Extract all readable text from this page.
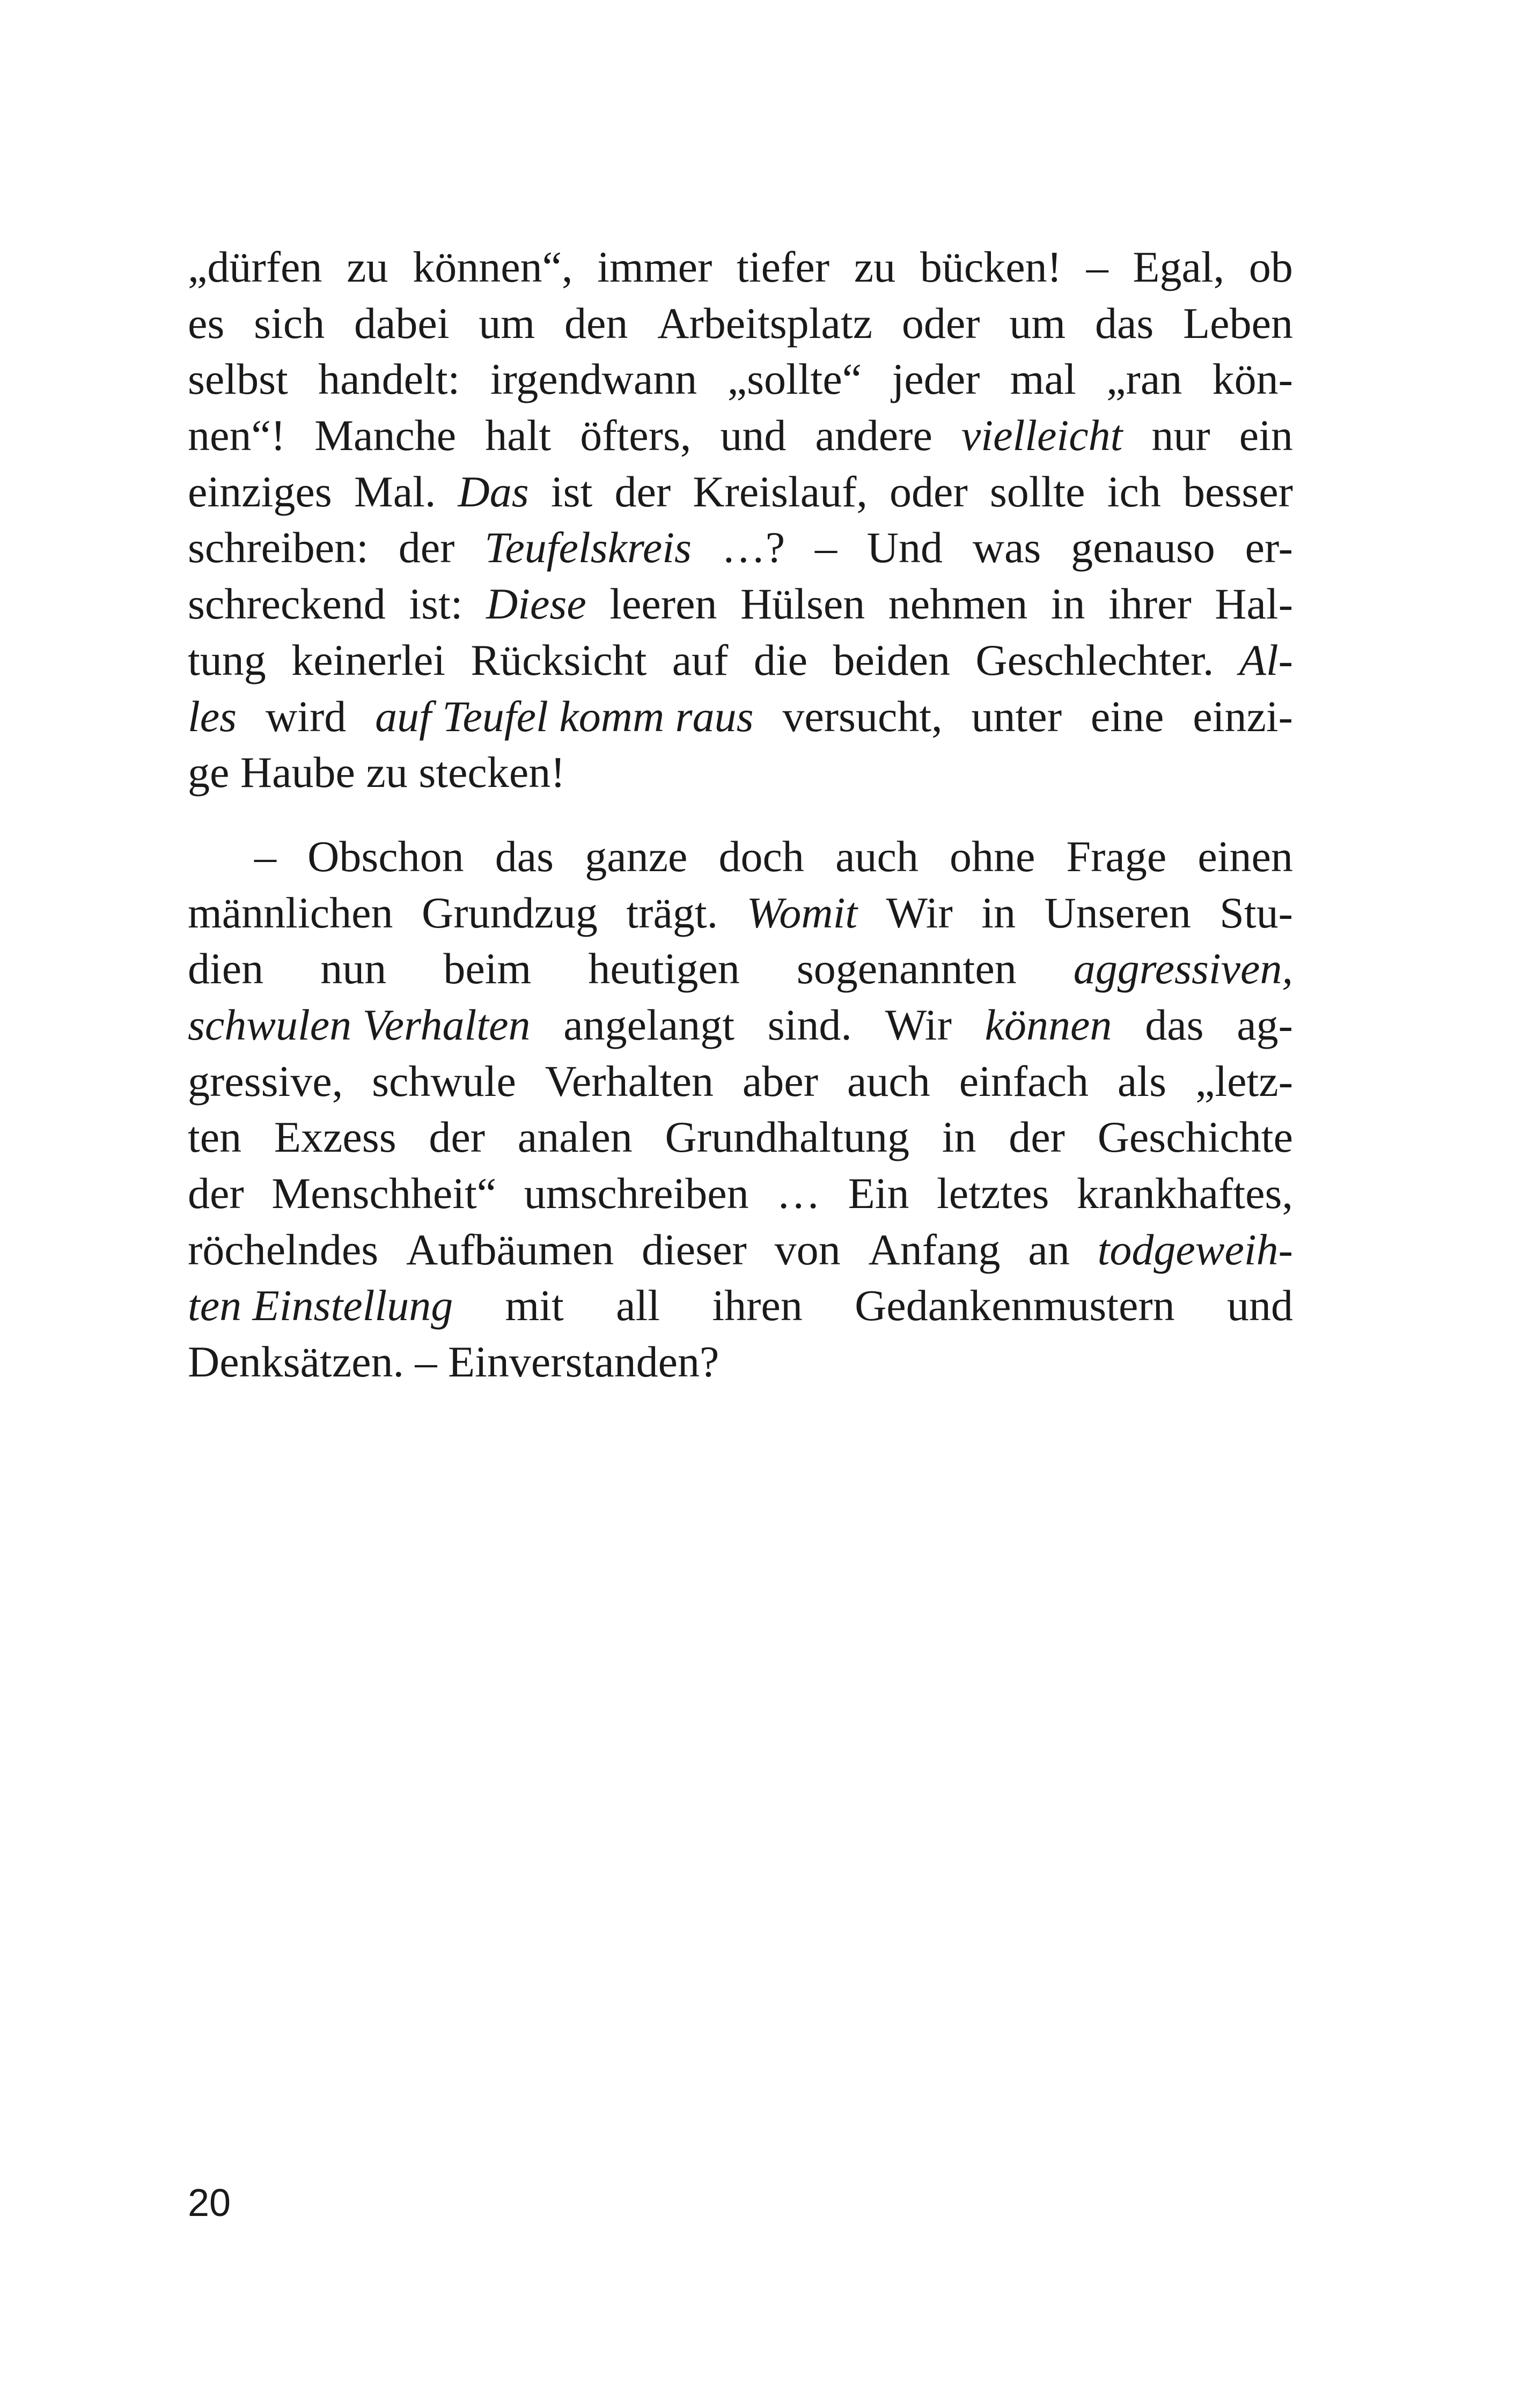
„dürfen zu können“, immer tiefer zu bücken! – Egal, ob
es sich dabei um den Arbeitsplatz oder um das Leben
selbst handelt: irgendwann „sollte“ jeder mal „ran kön-
nen“! Manche halt öfters, und andere vielleicht nur ein
einziges Mal. Das ist der Kreislauf, oder sollte ich besser
schreiben: der Teufelskreis …? – Und was genauso er-
schreckend ist: Diese leeren Hülsen nehmen in ihrer Hal-
tung keinerlei Rücksicht auf die beiden Geschlechter. Al-
les wird auf Teufel komm raus versucht, unter eine einzi-
ge Haube zu stecken!
– Obschon das ganze doch auch ohne Frage einen
männlichen Grundzug trägt. Womit Wir in Unseren Stu-
dien nun beim heutigen sogenannten aggressiven,
schwulen Verhalten angelangt sind. Wir können das ag-
gressive, schwule Verhalten aber auch einfach als „letz-
ten Exzess der analen Grundhaltung in der Geschichte
der Menschheit“ umschreiben … Ein letztes krankhaftes,
röchelndes Aufbäumen dieser von Anfang an todgeweih-
ten Einstellung mit all ihren Gedankenmustern und
Denksätzen. – Einverstanden?
20
